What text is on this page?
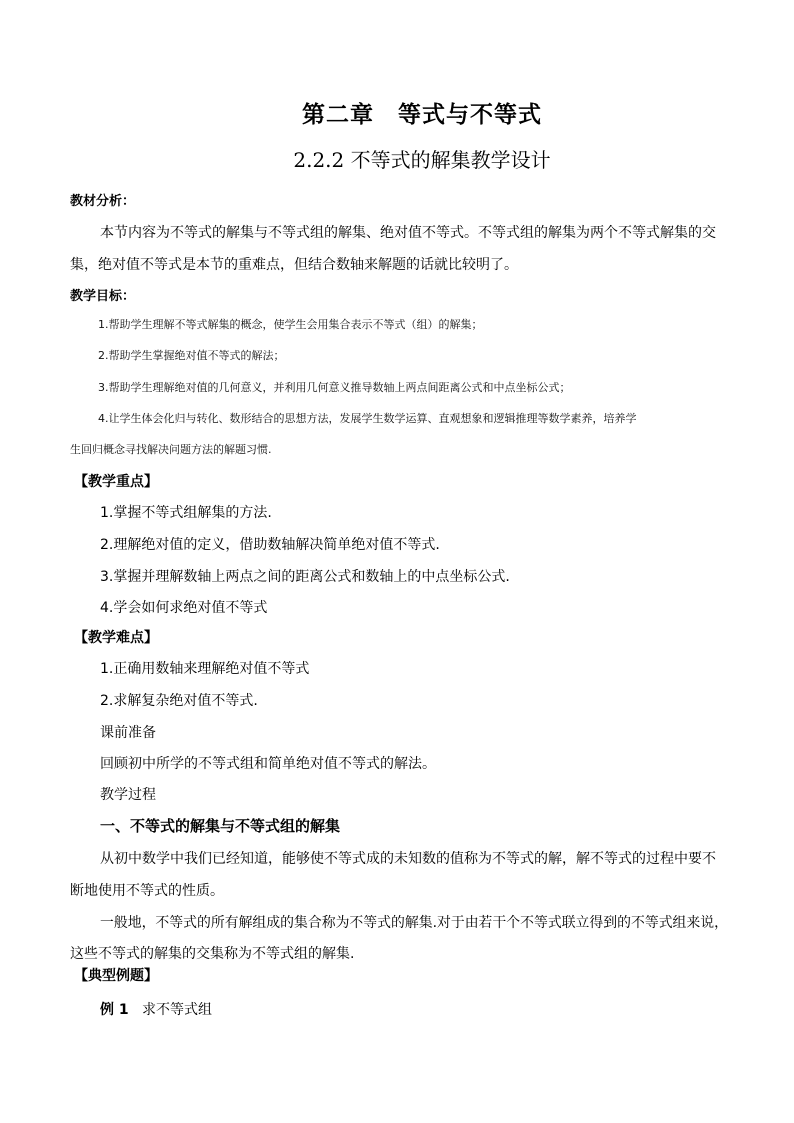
第二章　等式与不等式
2.2.2 不等式的解集教学设计
教材分析：
本节内容为不等式的解集与不等式组的解集、绝对值不等式。不等式组的解集为两个不等式解集的交
集，绝对值不等式是本节的重难点，但结合数轴来解题的话就比较明了。
教学目标：
1.帮助学生理解不等式解集的概念，使学生会用集合表示不等式（组）的解集；
2.帮助学生掌握绝对值不等式的解法；
3.帮助学生理解绝对值的几何意义，并利用几何意义推导数轴上两点间距离公式和中点坐标公式；
4.让学生体会化归与转化、数形结合的思想方法，发展学生数学运算、直观想象和逻辑推理等数学素养，培养学
生回归概念寻找解决问题方法的解题习惯.
【教学重点】
1.掌握不等式组解集的方法.
2.理解绝对值的定义，借助数轴解决简单绝对值不等式.
3.掌握并理解数轴上两点之间的距离公式和数轴上的中点坐标公式.
4.学会如何求绝对值不等式
【教学难点】
1.正确用数轴来理解绝对值不等式
2.求解复杂绝对值不等式.
课前准备
回顾初中所学的不等式组和简单绝对值不等式的解法。
教学过程
一、不等式的解集与不等式组的解集
从初中数学中我们已经知道，能够使不等式成的未知数的值称为不等式的解，解不等式的过程中要不
断地使用不等式的性质。
一般地，不等式的所有解组成的集合称为不等式的解集.对于由若干个不等式联立得到的不等式组来说，
这些不等式的解集的交集称为不等式组的解集.
【典型例题】
例 1 求不等式组
